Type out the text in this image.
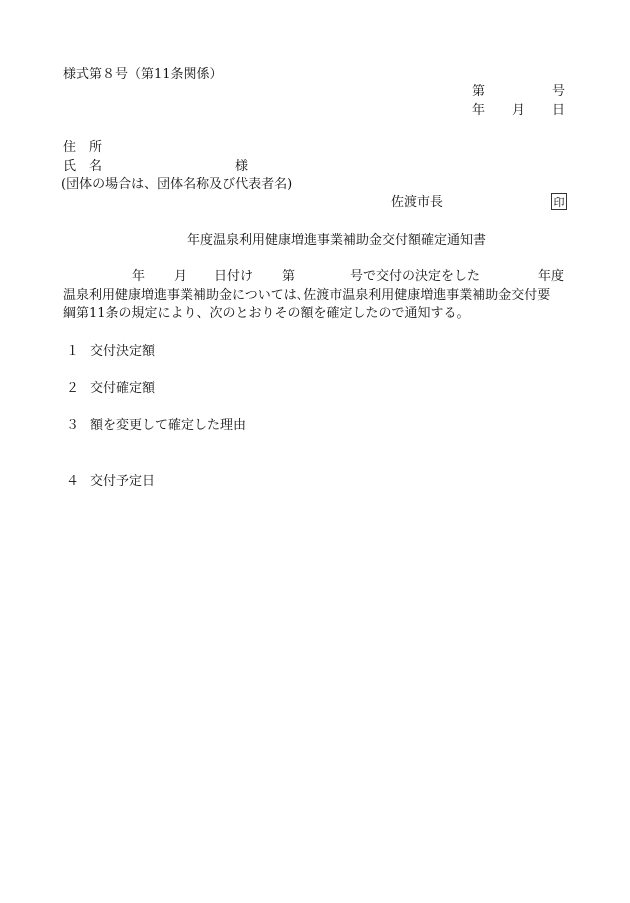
様式第８号（第11条関係）
第	号
年 月 日
住　所
氏　名	様
(団体の場合は、団体名称及び代表者名)
佐渡市長	印
年度温泉利用健康増進事業補助金交付額確定通知書
年 月 日付け 第	号で交付の決定をした	年度
温泉利用健康増進事業補助金については､佐渡市温泉利用健康増進事業補助金交付要
綱第11条の規定により、次のとおりその額を確定したので通知する。
１ 交付決定額
２ 交付確定額
３ 額を変更して確定した理由
４ 交付予定日
